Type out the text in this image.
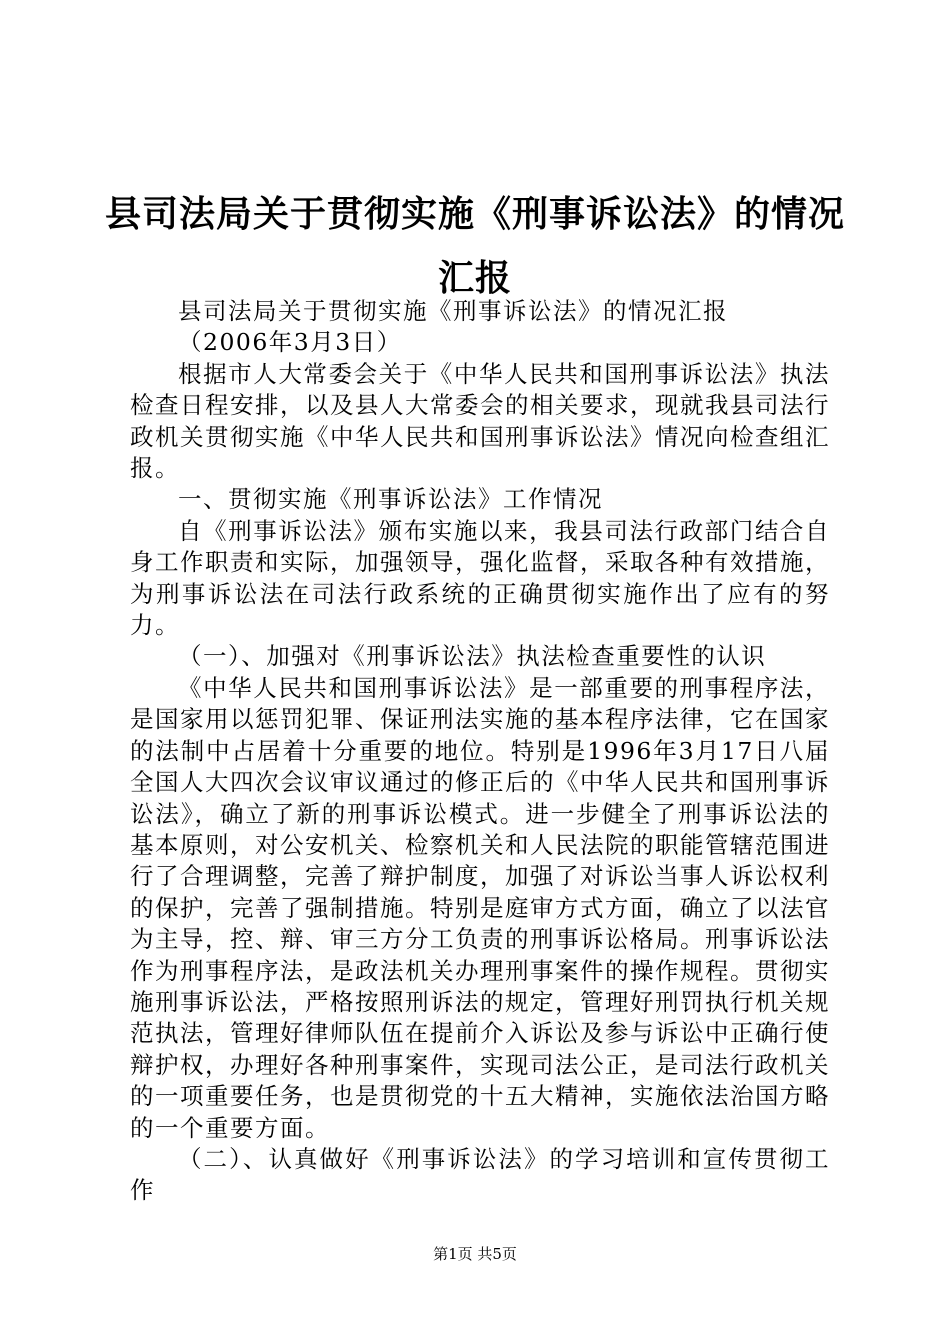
县司法局关于贯彻实施《刑事诉讼法》的情况汇报

县司法局关于贯彻实施《刑事诉讼法》的情况汇报

（2006年3月3日）

根据市人大常委会关于《中华人民共和国刑事诉讼法》执法检查日程安排，以及县人大常委会的相关要求，现就我县司法行政机关贯彻实施《中华人民共和国刑事诉讼法》情况向检查组汇报。

一、贯彻实施《刑事诉讼法》工作情况

自《刑事诉讼法》颁布实施以来，我县司法行政部门结合自身工作职责和实际，加强领导，强化监督，采取各种有效措施，为刑事诉讼法在司法行政系统的正确贯彻实施作出了应有的努力。

（一）、加强对《刑事诉讼法》执法检查重要性的认识

《中华人民共和国刑事诉讼法》是一部重要的刑事程序法，是国家用以惩罚犯罪、保证刑法实施的基本程序法律，它在国家的法制中占居着十分重要的地位。特别是1996年3月17日八届全国人大四次会议审议通过的修正后的《中华人民共和国刑事诉讼法》，确立了新的刑事诉讼模式。进一步健全了刑事诉讼法的基本原则，对公安机关、检察机关和人民法院的职能管辖范围进行了合理调整，完善了辩护制度，加强了对诉讼当事人诉讼权利的保护，完善了强制措施。特别是庭审方式方面，确立了以法官为主导，控、辩、审三方分工负责的刑事诉讼格局。刑事诉讼法作为刑事程序法，是政法机关办理刑事案件的操作规程。贯彻实施刑事诉讼法，严格按照刑诉法的规定，管理好刑罚执行机关规范执法，管理好律师队伍在提前介入诉讼及参与诉讼中正确行使辩护权，办理好各种刑事案件，实现司法公正，是司法行政机关的一项重要任务，也是贯彻党的十五大精神，实施依法治国方略的一个重要方面。

（二）、认真做好《刑事诉讼法》的学习培训和宣传贯彻工作

第1页 共5页
